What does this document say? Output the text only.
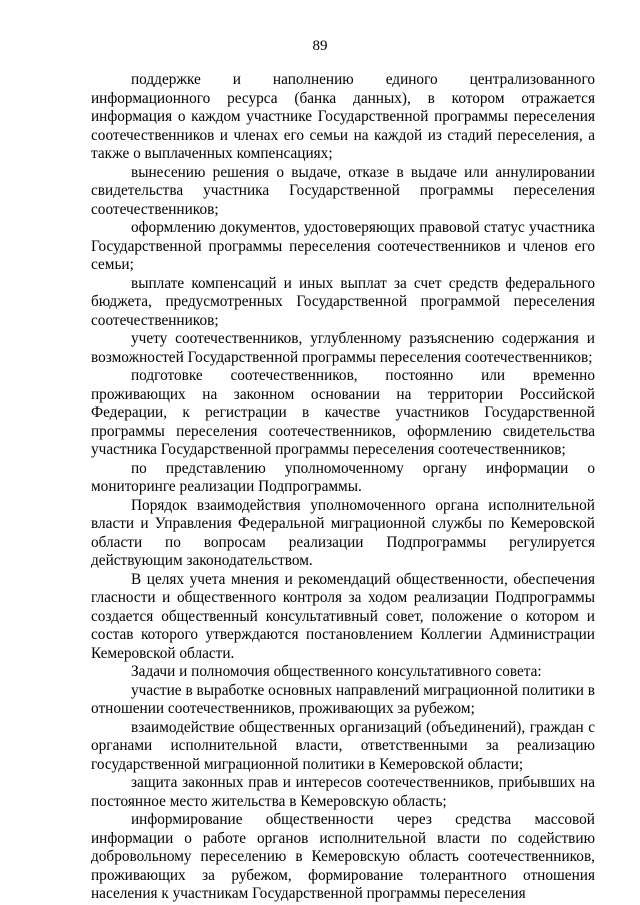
89

поддержке и наполнению единого централизованного информационного ресурса (банка данных), в котором отражается информация о каждом участнике Государственной программы переселения соотечественников и членах его семьи на каждой из стадий переселения, а также о выплаченных компенсациях;

вынесению решения о выдаче, отказе в выдаче или аннулировании свидетельства участника Государственной программы переселения соотечественников;

оформлению документов, удостоверяющих правовой статус участника Государственной программы переселения соотечественников и членов его семьи;

выплате компенсаций и иных выплат за счет средств федерального бюджета, предусмотренных Государственной программой переселения соотечественников;

учету соотечественников, углубленному разъяснению содержания и возможностей Государственной программы переселения соотечественников;

подготовке соотечественников, постоянно или временно проживающих на законном основании на территории Российской Федерации, к регистрации в качестве участников Государственной программы переселения соотечественников, оформлению свидетельства участника Государственной программы переселения соотечественников;

по представлению уполномоченному органу информации о мониторинге реализации Подпрограммы.

Порядок взаимодействия уполномоченного органа исполнительной власти и Управления Федеральной миграционной службы по Кемеровской области по вопросам реализации Подпрограммы регулируется действующим законодательством.

В целях учета мнения и рекомендаций общественности, обеспечения гласности и общественного контроля за ходом реализации Подпрограммы создается общественный консультативный совет, положение о котором и состав которого утверждаются постановлением Коллегии Администрации Кемеровской области.

Задачи и полномочия общественного консультативного совета:

участие в выработке основных направлений миграционной политики в отношении соотечественников, проживающих за рубежом;

взаимодействие общественных организаций (объединений), граждан с органами исполнительной власти, ответственными за реализацию государственной миграционной политики в Кемеровской области;

защита законных прав и интересов соотечественников, прибывших на постоянное место жительства в Кемеровскую область;

информирование общественности через средства массовой информации о работе органов исполнительной власти по содействию добровольному переселению в Кемеровскую область соотечественников, проживающих за рубежом, формирование толерантного отношения населения к участникам Государственной программы переселения
